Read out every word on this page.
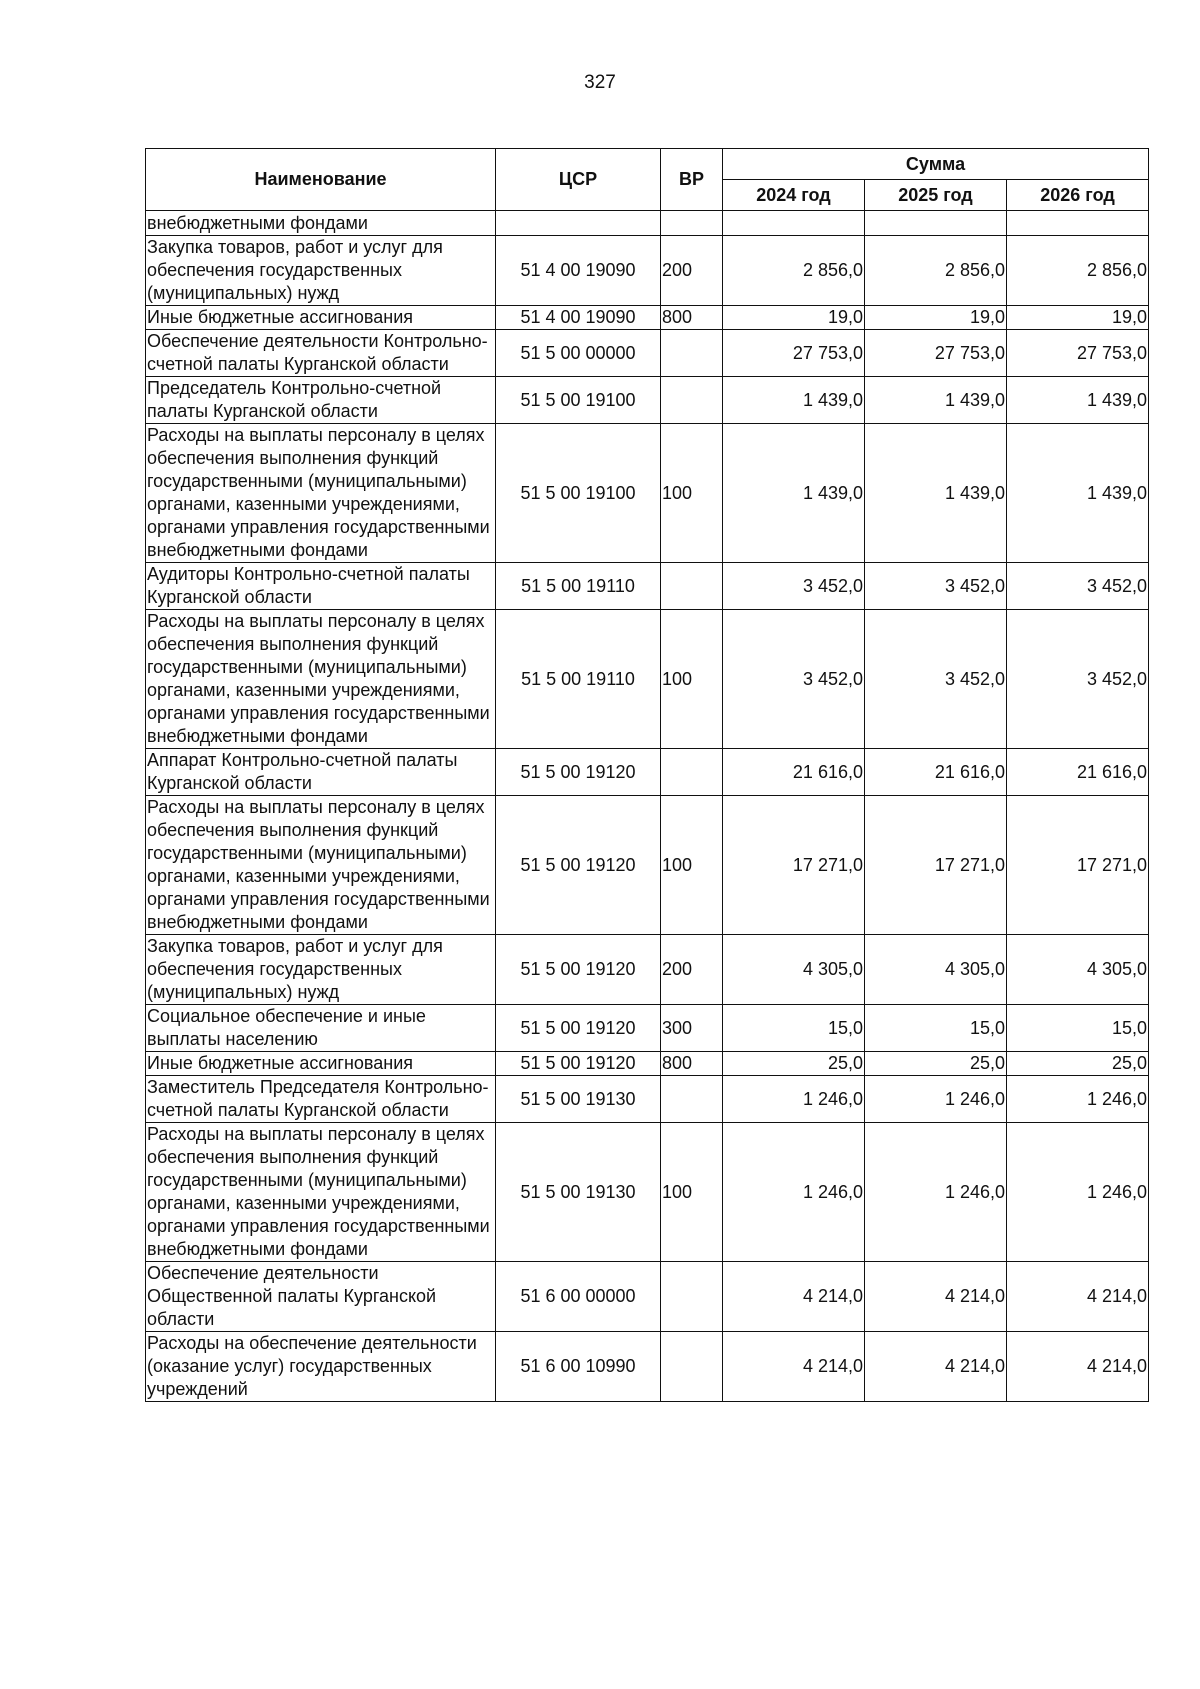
327
Наименование	ЦСР	ВР	Сумма		
			2024 год	2025 год	2026 год
внебюджетными фондами					
Закупка товаров, работ и услуг для обеспечения государственных (муниципальных) нужд	51 4 00 19090	200	2 856,0	2 856,0	2 856,0
Иные бюджетные ассигнования	51 4 00 19090	800	19,0	19,0	19,0
Обеспечение деятельности Контрольно-счетной палаты Курганской области	51 5 00 00000		27 753,0	27 753,0	27 753,0
Председатель Контрольно-счетной палаты Курганской области	51 5 00 19100		1 439,0	1 439,0	1 439,0
Расходы на выплаты персоналу в целях обеспечения выполнения функций государственными (муниципальными) органами, казенными учреждениями, органами управления государственными внебюджетными фондами	51 5 00 19100	100	1 439,0	1 439,0	1 439,0
Аудиторы Контрольно-счетной палаты Курганской области	51 5 00 19110		3 452,0	3 452,0	3 452,0
Расходы на выплаты персоналу в целях обеспечения выполнения функций государственными (муниципальными) органами, казенными учреждениями, органами управления государственными внебюджетными фондами	51 5 00 19110	100	3 452,0	3 452,0	3 452,0
Аппарат Контрольно-счетной палаты Курганской области	51 5 00 19120		21 616,0	21 616,0	21 616,0
Расходы на выплаты персоналу в целях обеспечения выполнения функций государственными (муниципальными) органами, казенными учреждениями, органами управления государственными внебюджетными фондами	51 5 00 19120	100	17 271,0	17 271,0	17 271,0
Закупка товаров, работ и услуг для обеспечения государственных (муниципальных) нужд	51 5 00 19120	200	4 305,0	4 305,0	4 305,0
Социальное обеспечение и иные выплаты населению	51 5 00 19120	300	15,0	15,0	15,0
Иные бюджетные ассигнования	51 5 00 19120	800	25,0	25,0	25,0
Заместитель Председателя Контрольно-счетной палаты Курганской области	51 5 00 19130		1 246,0	1 246,0	1 246,0
Расходы на выплаты персоналу в целях обеспечения выполнения функций государственными (муниципальными) органами, казенными учреждениями, органами управления государственными внебюджетными фондами	51 5 00 19130	100	1 246,0	1 246,0	1 246,0
Обеспечение деятельности Общественной палаты Курганской области	51 6 00 00000		4 214,0	4 214,0	4 214,0
Расходы на обеспечение деятельности (оказание услуг) государственных учреждений	51 6 00 10990		4 214,0	4 214,0	4 214,0
